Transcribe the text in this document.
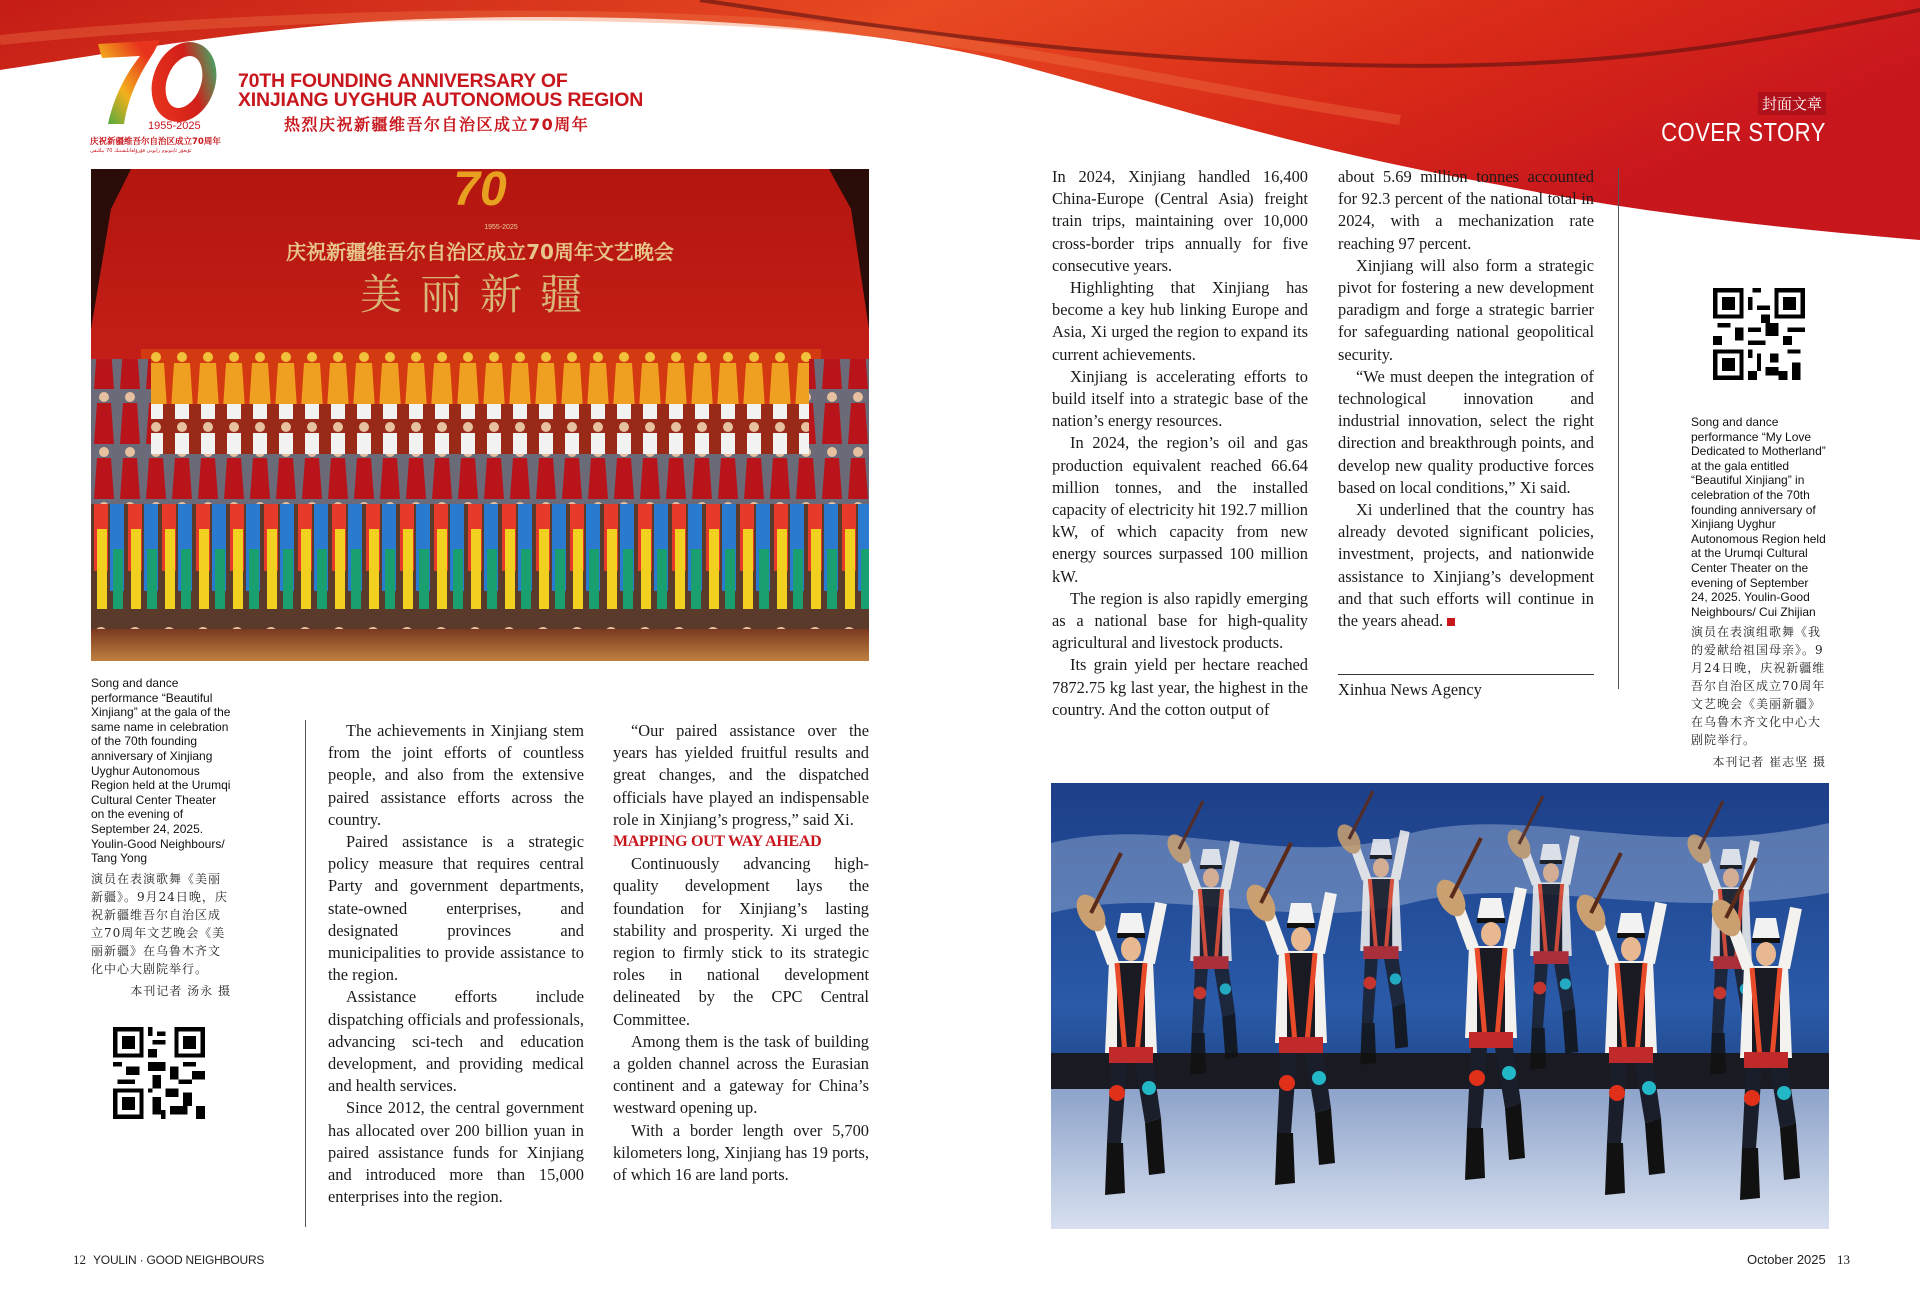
1955-2025
庆祝新疆维吾尔自治区成立70周年
ئۇيغۇر ئاپتونوم رايونى قۇرۇلغانلىقىنىڭ 70 يىللىقى
70TH FOUNDING ANNIVERSARY OF
XINJIANG UYGHUR AUTONOMOUS REGION
热烈庆祝新疆维吾尔自治区成立70周年
封面文章
COVER STORY
70
1955-2025
庆祝新疆维吾尔自治区成立70周年文艺晚会
美丽新疆
Song and dance performance “Beautiful Xinjiang” at the gala of the same name in celebration of the 70th founding anniversary of Xinjiang Uyghur Autonomous Region held at the Urumqi Cultural Center Theater on the evening of September 24, 2025. Youlin-Good Neighbours/ Tang Yong
演员在表演歌舞《美丽新疆》。9月24日晚，庆祝新疆维吾尔自治区成立70周年文艺晚会《美丽新疆》在乌鲁木齐文化中心大剧院举行。
本刊记者 汤永 摄

The achievements in Xinjiang stem from the joint efforts of countless people, and also from the extensive paired assistance efforts across the country.

Paired assistance is a strategic policy measure that requires central Party and government departments, state-owned enterprises, and designated provinces and municipalities to provide assistance to the region.

Assistance efforts include dispatching officials and professionals, advancing sci-tech and education development, and providing medical and health services.

Since 2012, the central government has allocated over 200 billion yuan in paired assistance funds for Xinjiang and introduced more than 15,000 enterprises into the region.

“Our paired assistance over the years has yielded fruitful results and great changes, and the dispatched officials have played an indispensable role in Xinjiang’s progress,” said Xi.

MAPPING OUT WAY AHEAD

Continuously advancing high-quality development lays the foundation for Xinjiang’s lasting stability and prosperity. Xi urged the region to firmly stick to its strategic roles in national development delineated by the CPC Central Committee.

Among them is the task of building a golden channel across the Eurasian continent and a gateway for China’s westward opening up.

With a border length over 5,700 kilometers long, Xinjiang has 19 ports, of which 16 are land ports.

In 2024, Xinjiang handled 16,400 China-Europe (Central Asia) freight train trips, maintaining over 10,000 cross-border trips annually for five consecutive years.

Highlighting that Xinjiang has become a key hub linking Europe and Asia, Xi urged the region to expand its current achievements.

Xinjiang is accelerating efforts to build itself into a strategic base of the nation’s energy resources.

In 2024, the region’s oil and gas production equivalent reached 66.64 million tonnes, and the installed capacity of electricity hit 192.7 million kW, of which capacity from new energy sources surpassed 100 million kW.

The region is also rapidly emerging as a national base for high-quality agricultural and livestock products.

Its grain yield per hectare reached 7872.75 kg last year, the highest in the country. And the cotton output of

about 5.69 million tonnes accounted for 92.3 percent of the national total in 2024, with a mechanization rate reaching 97 percent.

Xinjiang will also form a strategic pivot for fostering a new development paradigm and forge a strategic barrier for safeguarding national geopolitical security.

“We must deepen the integration of technological innovation and industrial innovation, select the right direction and breakthrough points, and develop new quality productive forces based on local conditions,” Xi said.

Xi underlined that the country has already devoted significant policies, investment, projects, and nationwide assistance to Xinjiang’s development and that such efforts will continue in the years ahead.

Xinhua News Agency
Song and dance performance “My Love Dedicated to Motherland” at the gala entitled “Beautiful Xinjiang” in celebration of the 70th founding anniversary of Xinjiang Uyghur Autonomous Region held at the Urumqi Cultural Center Theater on the evening of September 24, 2025. Youlin-Good Neighbours/ Cui Zhijian
演员在表演组歌舞《我的爱献给祖国母亲》。9月24日晚，庆祝新疆维吾尔自治区成立70周年文艺晚会《美丽新疆》在乌鲁木齐文化中心大剧院举行。
本刊记者 崔志坚 摄
12 YOULIN · GOOD NEIGHBOURS	October 2025 13
